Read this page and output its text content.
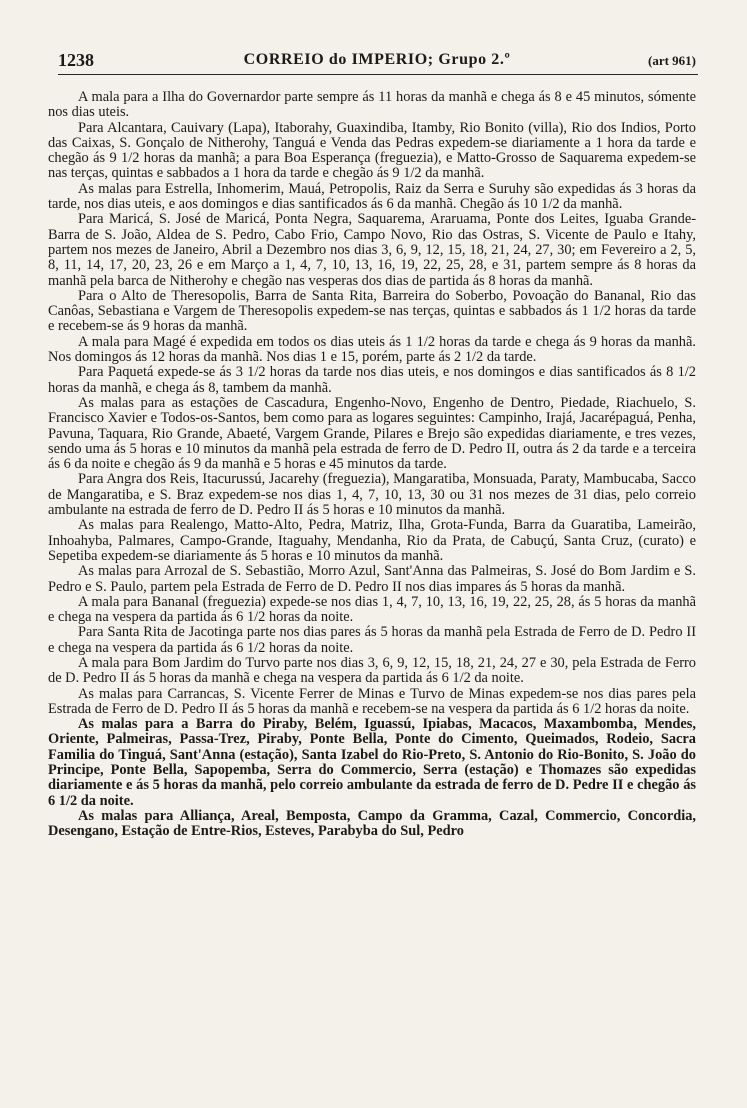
1238	CORREIO do IMPERIO; Grupo 2.º	(art 961)

A mala para a Ilha do Governardor parte sempre ás 11 horas da manhã e chega ás 8 e 45 minutos, sómente nos dias uteis.

Para Alcantara, Cauivary (Lapa), Itaborahy, Guaxindiba, Itamby, Rio Bonito (villa), Rio dos Indios, Porto das Caixas, S. Gonçalo de Nitherohy, Tanguá e Venda das Pedras expedem-se diariamente a 1 hora da tarde e chegão ás 9 1/2 horas da manhã; a para Boa Esperança (freguezia), e Matto-Grosso de Saquarema expedem-se nas terças, quintas e sabbados a 1 hora da tarde e chegão ás 9 1/2 da manhã.

As malas para Estrella, Inhomerim, Mauá, Petropolis, Raiz da Serra e Suruhy são expedidas ás 3 horas da tarde, nos dias uteis, e aos domingos e dias santificados ás 6 da manhã. Chegão ás 10 1/2 da manhã.

Para Maricá, S. José de Maricá, Ponta Negra, Saquarema, Araruama, Ponte dos Leites, Iguaba Grande-Barra de S. João, Aldea de S. Pedro, Cabo Frio, Campo Novo, Rio das Ostras, S. Vicente de Paulo e Itahy, partem nos mezes de Janeiro, Abril a Dezembro nos dias 3, 6, 9, 12, 15, 18, 21, 24, 27, 30; em Fevereiro a 2, 5, 8, 11, 14, 17, 20, 23, 26 e em Março a 1, 4, 7, 10, 13, 16, 19, 22, 25, 28, e 31, partem sempre ás 8 horas da manhã pela barca de Nitherohy e chegão nas vesperas dos dias de partida ás 8 horas da manhã.

Para o Alto de Theresopolis, Barra de Santa Rita, Barreira do Soberbo, Povoação do Bananal, Rio das Canôas, Sebastiana e Vargem de Theresopolis expedem-se nas terças, quintas e sabbados ás 1 1/2 horas da tarde e recebem-se ás 9 horas da manhã.

A mala para Magé é expedida em todos os dias uteis ás 1 1/2 horas da tarde e chega ás 9 horas da manhã. Nos domingos ás 12 horas da manhã. Nos dias 1 e 15, porém, parte ás 2 1/2 da tarde.

Para Paquetá expede-se ás 3 1/2 horas da tarde nos dias uteis, e nos domingos e dias santificados ás 8 1/2 horas da manhã, e chega ás 8, tambem da manhã.

As malas para as estações de Cascadura, Engenho-Novo, Engenho de Dentro, Piedade, Riachuelo, S. Francisco Xavier e Todos-os-Santos, bem como para as logares seguintes: Campinho, Irajá, Jacarépaguá, Penha, Pavuna, Taquara, Rio Grande, Abaeté, Vargem Grande, Pilares e Brejo são expedidas diariamente, e tres vezes, sendo uma ás 5 horas e 10 minutos da manhã pela estrada de ferro de D. Pedro II, outra ás 2 da tarde e a terceira ás 6 da noite e chegão ás 9 da manhã e 5 horas e 45 minutos da tarde.

Para Angra dos Reis, Itacurussú, Jacarehy (freguezia), Mangaratiba, Monsuada, Paraty, Mambucaba, Sacco de Mangaratiba, e S. Braz expedem-se nos dias 1, 4, 7, 10, 13, 30 ou 31 nos mezes de 31 dias, pelo correio ambulante na estrada de ferro de D. Pedro II ás 5 horas e 10 minutos da manhã.

As malas para Realengo, Matto-Alto, Pedra, Matriz, Ilha, Grota-Funda, Barra da Guaratiba, Lameirão, Inhoahyba, Palmares, Campo-Grande, Itaguahy, Mendanha, Rio da Prata, de Cabuçú, Santa Cruz, (curato) e Sepetiba expedem-se diariamente ás 5 horas e 10 minutos da manhã.

As malas para Arrozal de S. Sebastião, Morro Azul, Sant'Anna das Palmeiras, S. José do Bom Jardim e S. Pedro e S. Paulo, partem pela Estrada de Ferro de D. Pedro II nos dias impares ás 5 horas da manhã.

A mala para Bananal (freguezia) expede-se nos dias 1, 4, 7, 10, 13, 16, 19, 22, 25, 28, ás 5 horas da manhã e chega na vespera da partida ás 6 1/2 horas da noite.

Para Santa Rita de Jacotinga parte nos dias pares ás 5 horas da manhã pela Estrada de Ferro de D. Pedro II e chega na vespera da partida ás 6 1/2 horas da noite.

A mala para Bom Jardim do Turvo parte nos dias 3, 6, 9, 12, 15, 18, 21, 24, 27 e 30, pela Estrada de Ferro de D. Pedro II ás 5 horas da manhã e chega na vespera da partida ás 6 1/2 da noite.

As malas para Carrancas, S. Vicente Ferrer de Minas e Turvo de Minas expedem-se nos dias pares pela Estrada de Ferro de D. Pedro II ás 5 horas da manhã e recebem-se na vespera da partida ás 6 1/2 horas da noite.

As malas para a Barra do Piraby, Belém, Iguassú, Ipiabas, Macacos, Maxambomba, Mendes, Oriente, Palmeiras, Passa-Trez, Piraby, Ponte Bella, Ponte do Cimento, Queimados, Rodeio, Sacra Familia do Tinguá, Sant'Anna (estação), Santa Izabel do Rio-Preto, S. Antonio do Rio-Bonito, S. João do Principe, Ponte Bella, Sapopemba, Serra do Commercio, Serra (estação) e Thomazes são expedidas diariamente e ás 5 horas da manhã, pelo correio ambulante da estrada de ferro de D. Pedre II e chegão ás 6 1/2 da noite.

As malas para Alliança, Areal, Bemposta, Campo da Gramma, Cazal, Commercio, Concordia, Desengano, Estação de Entre-Rios, Esteves, Parabyba do Sul, Pedro
